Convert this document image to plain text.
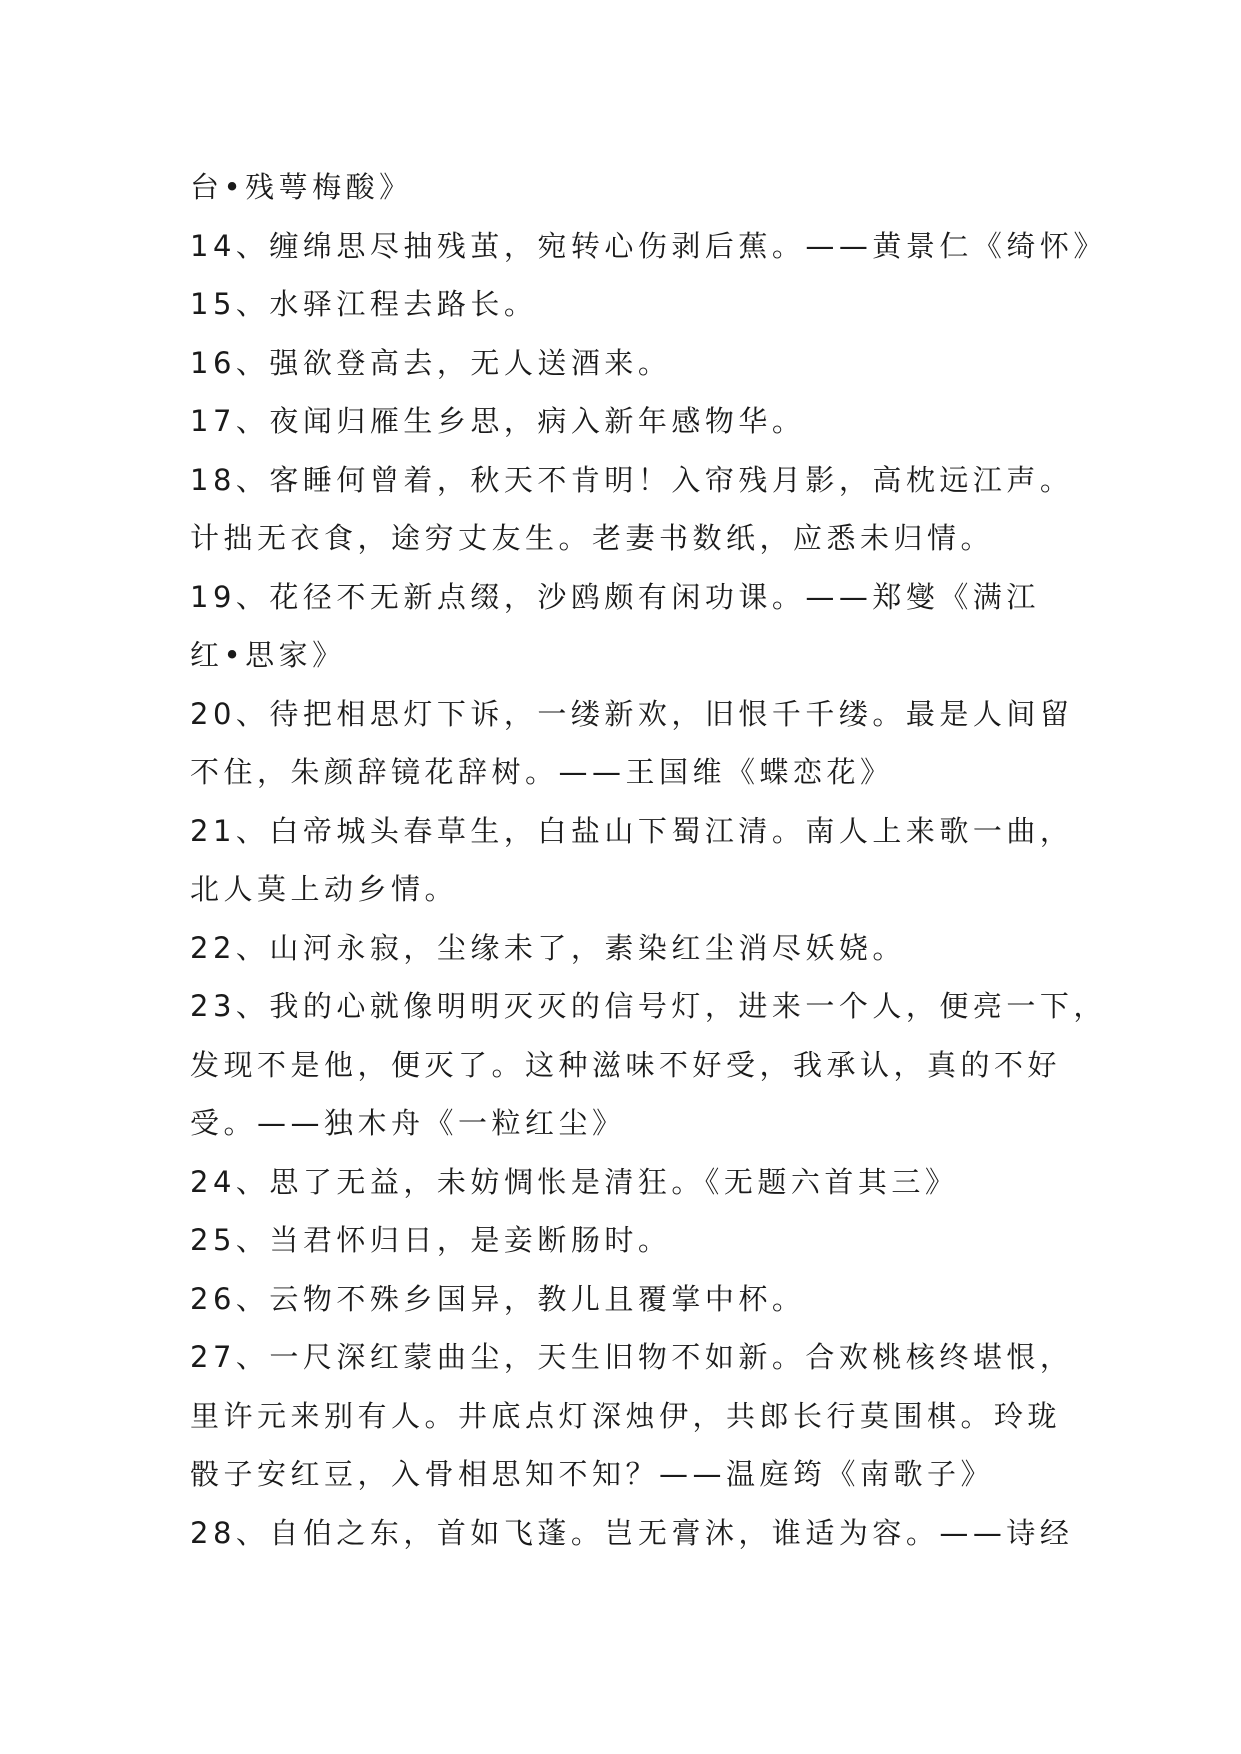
台•残萼梅酸》
14、缠绵思尽抽残茧，宛转心伤剥后蕉。——黄景仁《绮怀》
15、水驿江程去路长。
16、强欲登高去，无人送酒来。
17、夜闻归雁生乡思，病入新年感物华。
18、客睡何曾着，秋天不肯明！入帘残月影，高枕远江声。
计拙无衣食，途穷丈友生。老妻书数纸，应悉未归情。
19、花径不无新点缀，沙鸥颇有闲功课。——郑燮《满江
红•思家》
20、待把相思灯下诉，一缕新欢，旧恨千千缕。最是人间留
不住，朱颜辞镜花辞树。——王国维《蝶恋花》
21、白帝城头春草生，白盐山下蜀江清。南人上来歌一曲，
北人莫上动乡情。
22、山河永寂，尘缘未了，素染红尘消尽妖娆。
23、我的心就像明明灭灭的信号灯，进来一个人，便亮一下，
发现不是他，便灭了。这种滋味不好受，我承认，真的不好
受。——独木舟《一粒红尘》
24、思了无益，未妨惆怅是清狂。《无题六首其三》
25、当君怀归日，是妾断肠时。
26、云物不殊乡国异，教儿且覆掌中杯。
27、一尺深红蒙曲尘，天生旧物不如新。合欢桃核终堪恨，
里许元来别有人。井底点灯深烛伊，共郎长行莫围棋。玲珑
骰子安红豆，入骨相思知不知？——温庭筠《南歌子》
28、自伯之东，首如飞蓬。岂无膏沐，谁适为容。——诗经
